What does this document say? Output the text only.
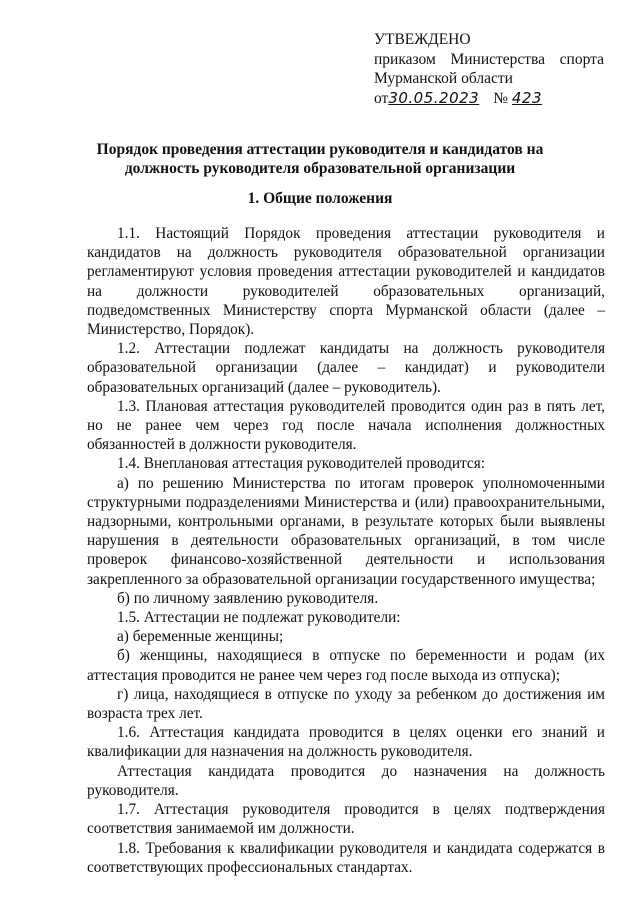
УТВЕЖДЕНО
приказом Министерства спорта
Мурманской области
от30.05.2023 № 423
Порядок проведения аттестации руководителя и кандидатов на должность руководителя образовательной организации
1. Общие положения

1.1. Настоящий Порядок проведения аттестации руководителя и кандидатов на должность руководителя образовательной организации регламентируют условия проведения аттестации руководителей и кандидатов на должности руководителей образовательных организаций, подведомственных Министерству спорта Мурманской области (далее – Министерство, Порядок).

1.2. Аттестации подлежат кандидаты на должность руководителя образовательной организации (далее – кандидат) и руководители образовательных организаций (далее – руководитель).

1.3. Плановая аттестация руководителей проводится один раз в пять лет, но не ранее чем через год после начала исполнения должностных обязанностей в должности руководителя.

1.4. Внеплановая аттестация руководителей проводится:

а) по решению Министерства по итогам проверок уполномоченными структурными подразделениями Министерства и (или) правоохранительными, надзорными, контрольными органами, в результате которых были выявлены нарушения в деятельности образовательных организаций, в том числе проверок финансово-хозяйственной деятельности и использования закрепленного за образовательной организации государственного имущества;

б) по личному заявлению руководителя.

1.5. Аттестации не подлежат руководители:

а) беременные женщины;

б) женщины, находящиеся в отпуске по беременности и родам (их аттестация проводится не ранее чем через год после выхода из отпуска);

г) лица, находящиеся в отпуске по уходу за ребенком до достижения им возраста трех лет.

1.6. Аттестация кандидата проводится в целях оценки его знаний и квалификации для назначения на должность руководителя.

Аттестация кандидата проводится до назначения на должность руководителя.

1.7. Аттестация руководителя проводится в целях подтверждения соответствия занимаемой им должности.

1.8. Требования к квалификации руководителя и кандидата содержатся в соответствующих профессиональных стандартах.
